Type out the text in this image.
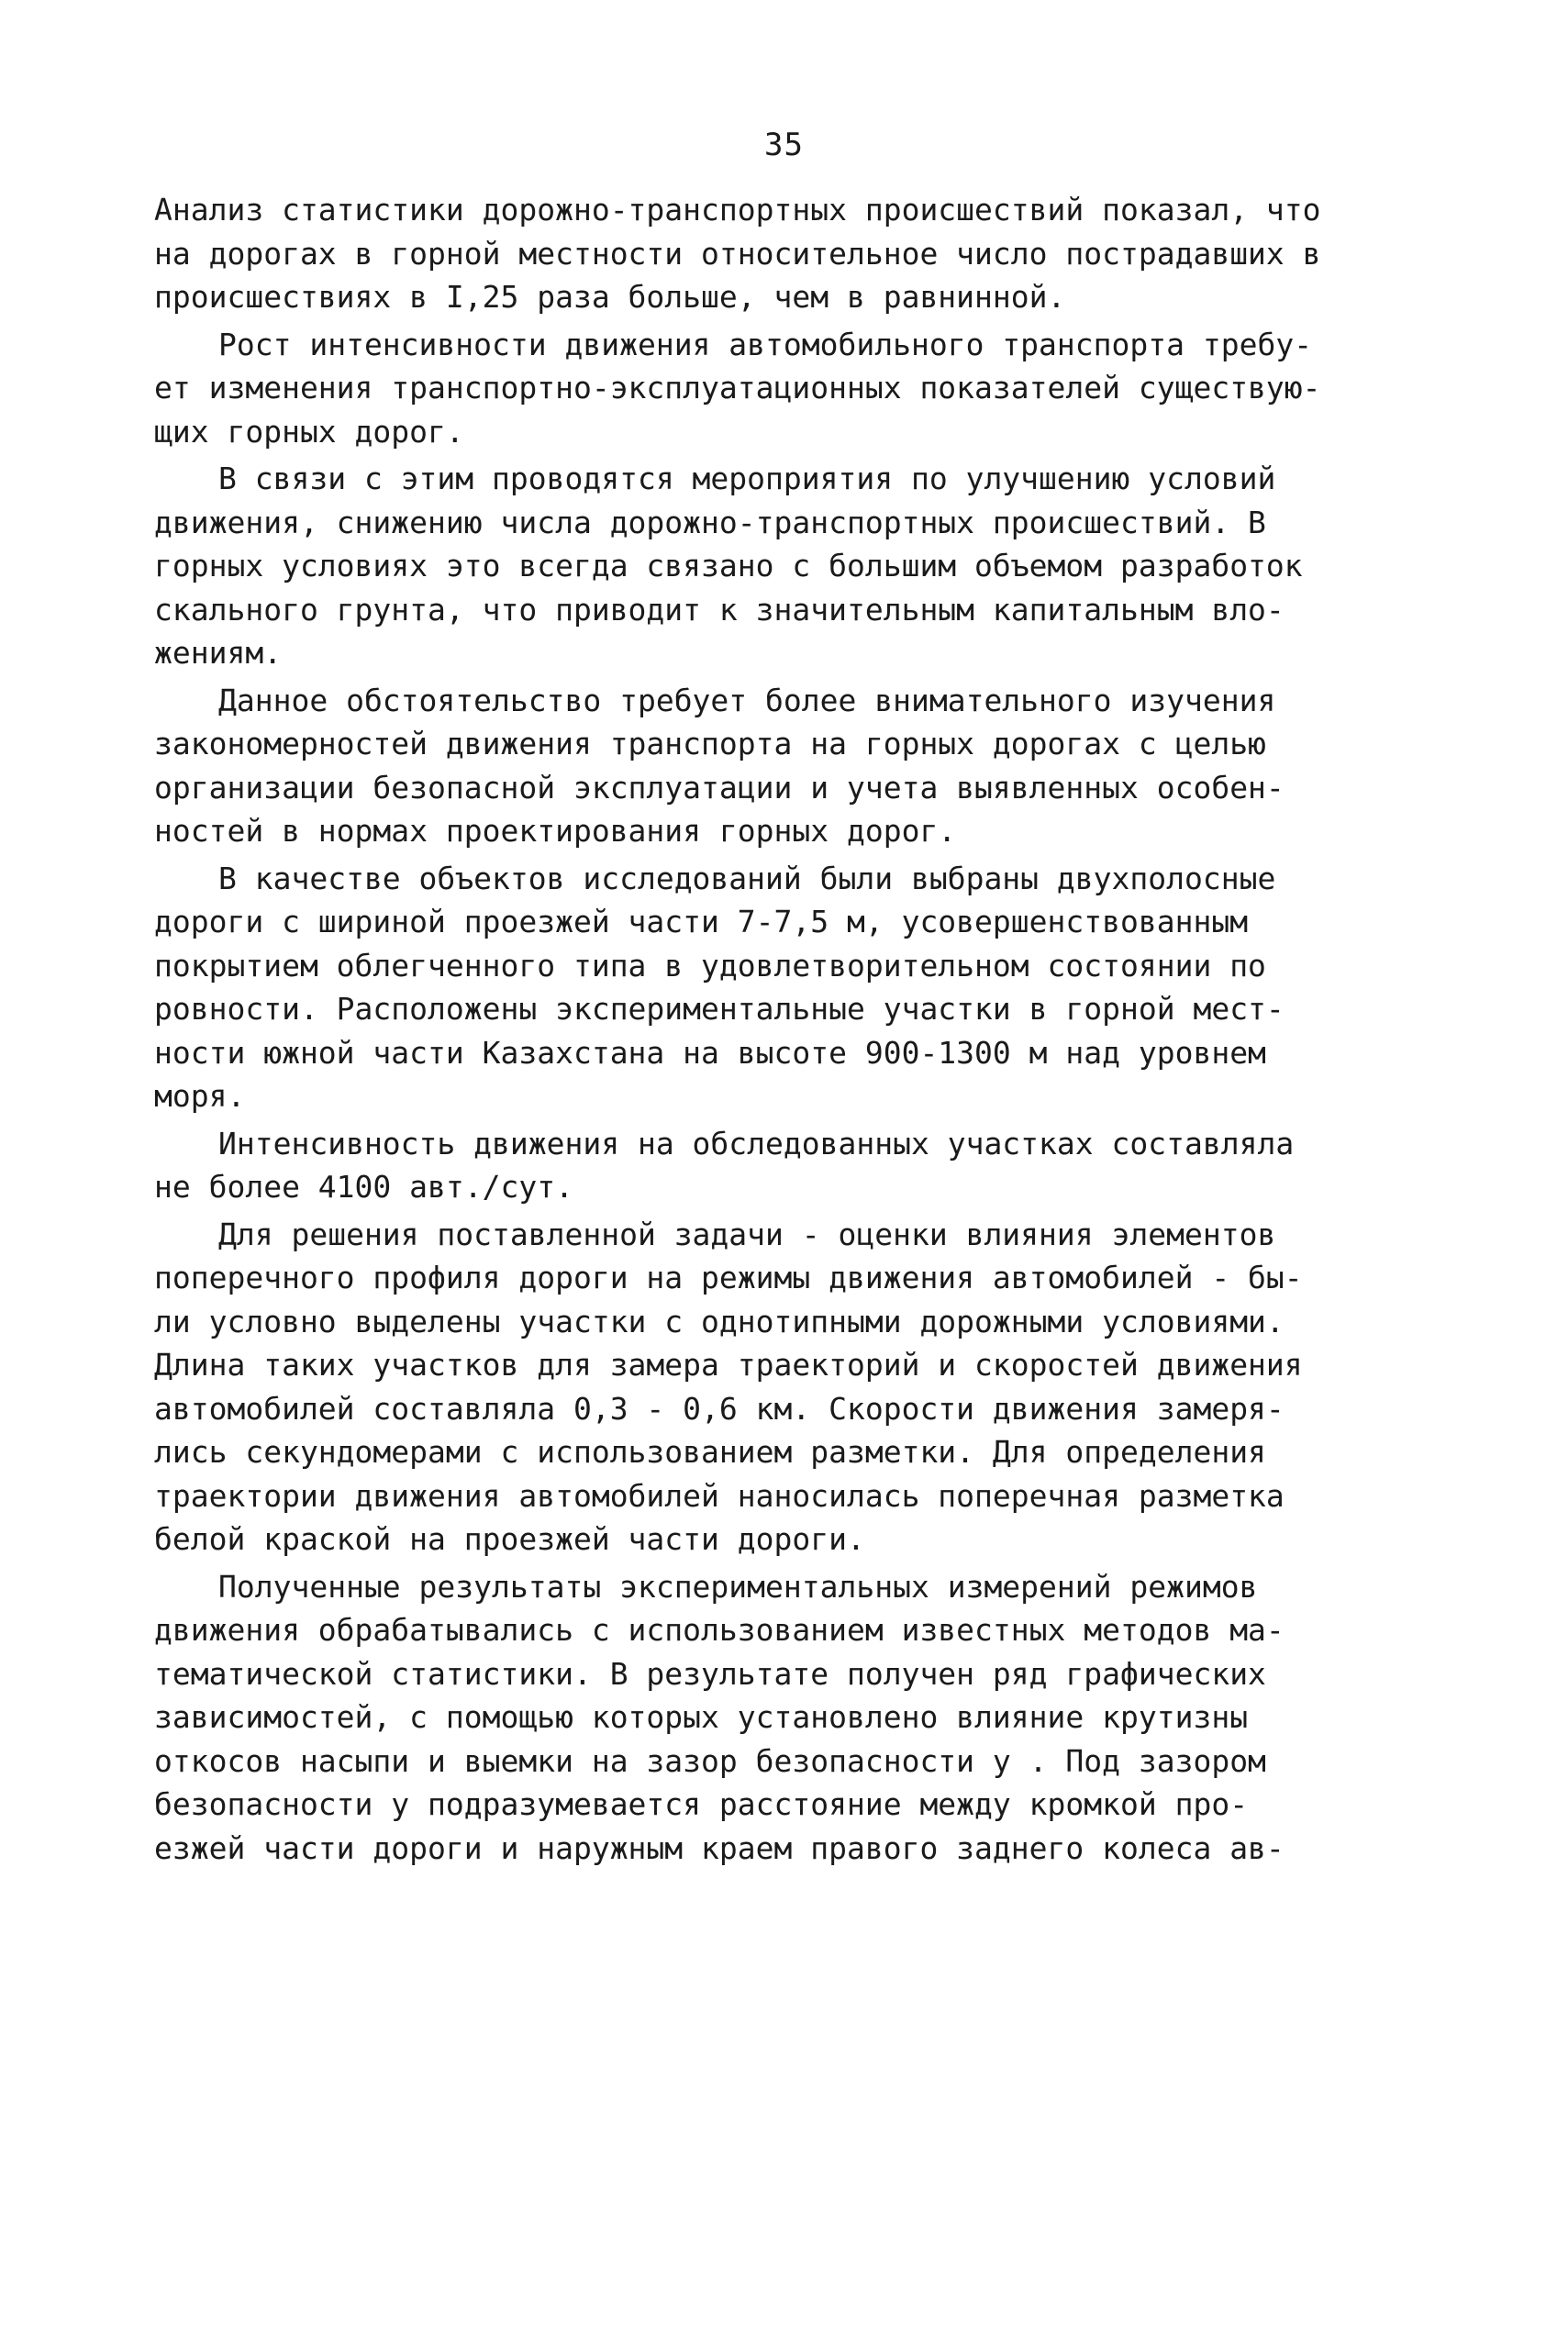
35

Анализ статистики дорожно-транспортных происшествий показал, что
на дорогах в горной местности относительное число пострадавших в
происшествиях в I,25 раза больше, чем в равнинной.

Рост интенсивности движения автомобильного транспорта требу-
ет изменения транспортно-эксплуатационных показателей существую-
щих горных дорог.

В связи с этим проводятся мероприятия по улучшению условий
движения, снижению числа дорожно-транспортных происшествий. В
горных условиях это всегда связано с большим объемом разработок
скального грунта, что приводит к значительным капитальным вло-
жениям.

Данное обстоятельство требует более внимательного изучения
закономерностей движения транспорта на горных дорогах с целью
организации безопасной эксплуатации и учета выявленных особен-
ностей в нормах проектирования горных дорог.

В качестве объектов исследований были выбраны двухполосные
дороги с шириной проезжей части 7-7,5 м, усовершенствованным
покрытием облегченного типа в удовлетворительном состоянии по
ровности. Расположены экспериментальные участки в горной мест-
ности южной части Казахстана на высоте 900-1300 м над уровнем
моря.

Интенсивность движения на обследованных участках составляла
не более 4100 авт./сут.

Для решения поставленной задачи - оценки влияния элементов
поперечного профиля дороги на режимы движения автомобилей - бы-
ли условно выделены участки с однотипными дорожными условиями.
Длина таких участков для замера траекторий и скоростей движения
автомобилей составляла 0,3 - 0,6 км. Скорости движения замеря-
лись секундомерами с использованием разметки. Для определения
траектории движения автомобилей наносилась поперечная разметка
белой краской на проезжей части дороги.

Полученные результаты экспериментальных измерений режимов
движения обрабатывались с использованием известных методов ма-
тематической статистики. В результате получен ряд графических
зависимостей, с помощью которых установлено влияние крутизны
откосов насыпи и выемки на зазор безопасности y . Под зазором
безопасности y подразумевается расстояние между кромкой про-
езжей части дороги и наружным краем правого заднего колеса ав-
